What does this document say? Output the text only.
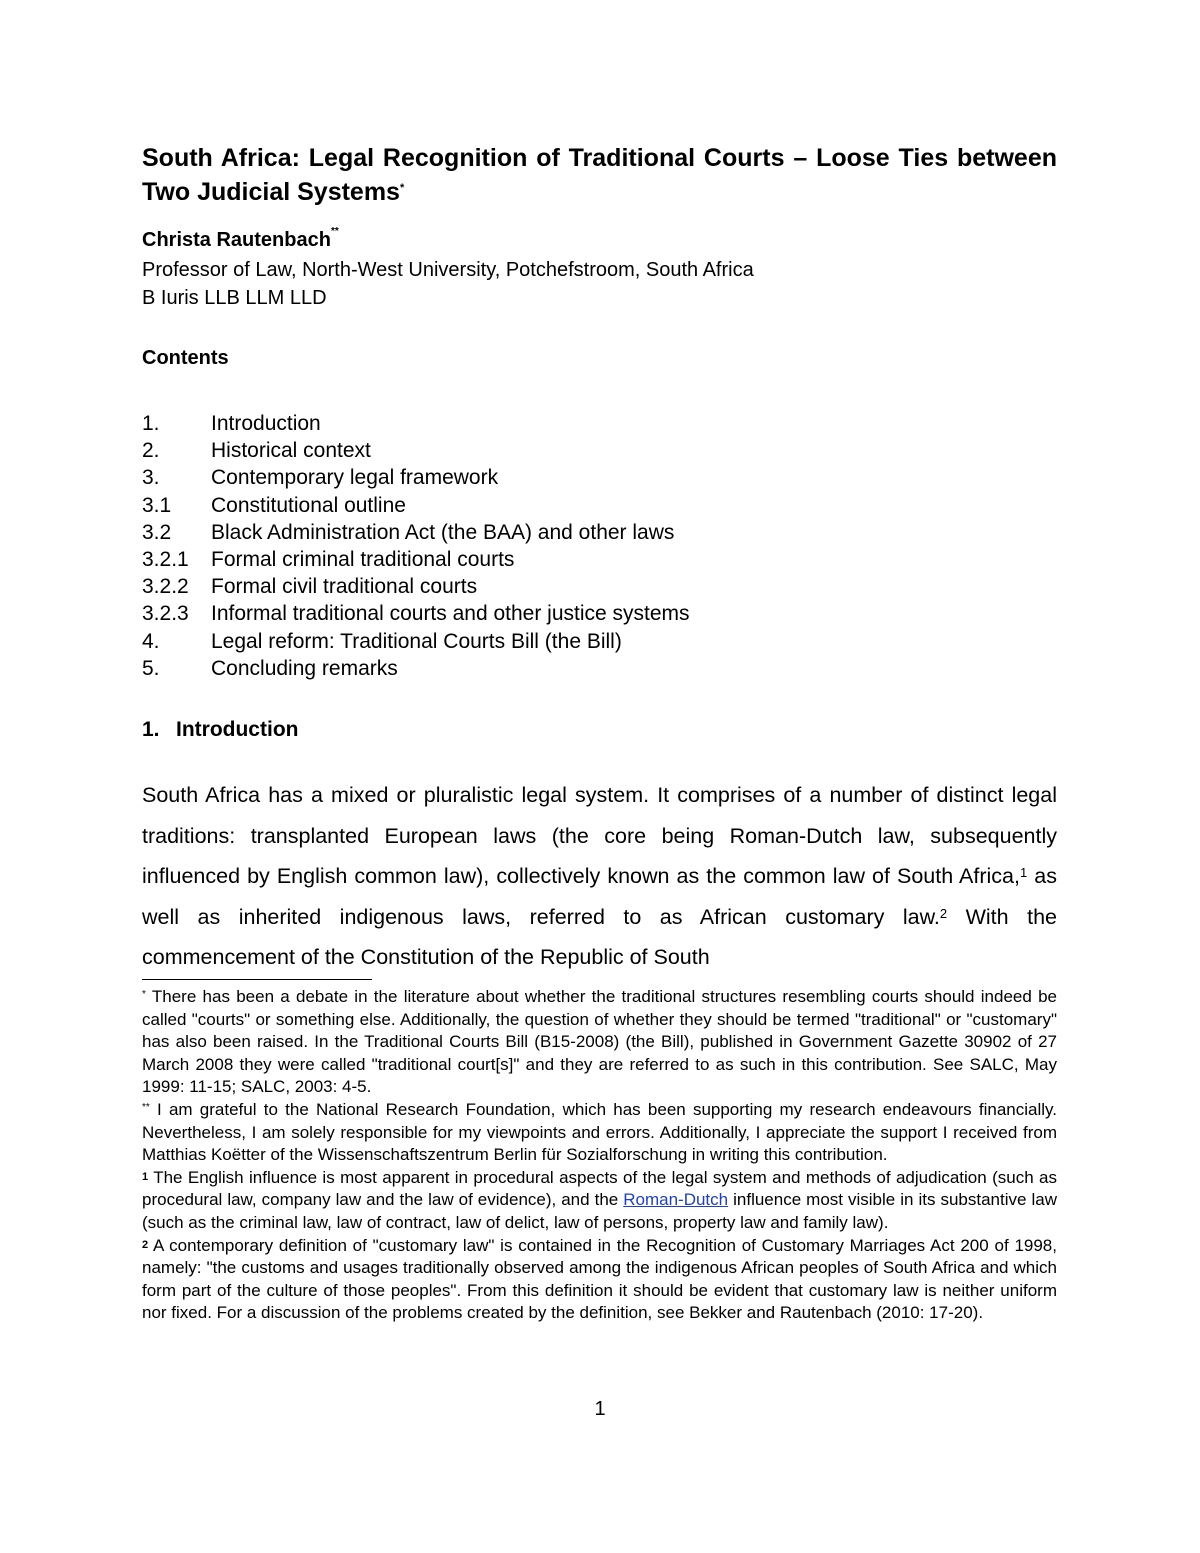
South Africa: Legal Recognition of Traditional Courts – Loose Ties between Two Judicial Systems*

Christa Rautenbach**

Professor of Law, North-West University, Potchefstroom, South Africa
B Iuris LLB LLM LLD
Contents
1. Introduction
2. Historical context
3. Contemporary legal framework
3.1 Constitutional outline
3.2 Black Administration Act (the BAA) and other laws
3.2.1 Formal criminal traditional courts
3.2.2 Formal civil traditional courts
3.2.3 Informal traditional courts and other justice systems
4. Legal reform: Traditional Courts Bill (the Bill)
5. Concluding remarks
1. Introduction

South Africa has a mixed or pluralistic legal system. It comprises of a number of distinct legal traditions: transplanted European laws (the core being Roman-Dutch law, subsequently influenced by English common law), collectively known as the common law of South Africa,$^1$ as well as inherited indigenous laws, referred to as African customary law.$^2$ With the commencement of the Constitution of the Republic of South

* There has been a debate in the literature about whether the traditional structures resembling courts should indeed be called "courts" or something else. Additionally, the question of whether they should be termed "traditional" or "customary" has also been raised. In the Traditional Courts Bill (B15-2008) (the Bill), published in Government Gazette 30902 of 27 March 2008 they were called "traditional court[s]" and they are referred to as such in this contribution. See SALC, May 1999: 11-15; SALC, 2003: 4-5.

** I am grateful to the National Research Foundation, which has been supporting my research endeavours financially. Nevertheless, I am solely responsible for my viewpoints and errors. Additionally, I appreciate the support I received from Matthias Koëtter of the Wissenschaftszentrum Berlin für Sozialforschung in writing this contribution.

$^1$ The English influence is most apparent in procedural aspects of the legal system and methods of adjudication (such as procedural law, company law and the law of evidence), and the Roman-Dutch influence most visible in its substantive law (such as the criminal law, law of contract, law of delict, law of persons, property law and family law).

$^2$ A contemporary definition of "customary law" is contained in the Recognition of Customary Marriages Act 200 of 1998, namely: "the customs and usages traditionally observed among the indigenous African peoples of South Africa and which form part of the culture of those peoples". From this definition it should be evident that customary law is neither uniform nor fixed. For a discussion of the problems created by the definition, see Bekker and Rautenbach (2010: 17-20).

1
